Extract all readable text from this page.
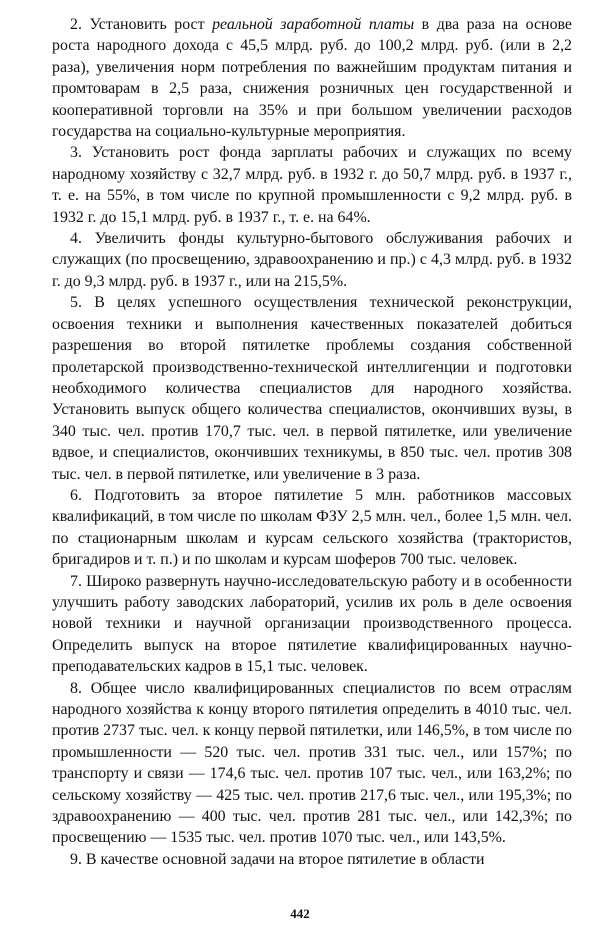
2. Установить рост реальной заработной платы в два раза на основе роста народного дохода с 45,5 млрд. руб. до 100,2 млрд. руб. (или в 2,2 раза), увеличения норм потребления по важнейшим продуктам питания и промтоварам в 2,5 раза, снижения розничных цен государственной и кооперативной торговли на 35% и при большом увеличении расходов государства на социально-культурные мероприятия.

3. Установить рост фонда зарплаты рабочих и служащих по всему народному хозяйству с 32,7 млрд. руб. в 1932 г. до 50,7 млрд. руб. в 1937 г., т. е. на 55%, в том числе по крупной промышленности с 9,2 млрд. руб. в 1932 г. до 15,1 млрд. руб. в 1937 г., т. е. на 64%.

4. Увеличить фонды культурно-бытового обслуживания рабочих и служащих (по просвещению, здравоохранению и пр.) с 4,3 млрд. руб. в 1932 г. до 9,3 млрд. руб. в 1937 г., или на 215,5%.

5. В целях успешного осуществления технической реконструкции, освоения техники и выполнения качественных показателей добиться разрешения во второй пятилетке проблемы создания собственной пролетарской производственно-технической интеллигенции и подготовки необходимого количества специалистов для народного хозяйства. Установить выпуск общего количества специалистов, окончивших вузы, в 340 тыс. чел. против 170,7 тыс. чел. в первой пятилетке, или увеличение вдвое, и специалистов, окончивших техникумы, в 850 тыс. чел. против 308 тыс. чел. в первой пятилетке, или увеличение в 3 раза.

6. Подготовить за второе пятилетие 5 млн. работников массовых квалификаций, в том числе по школам ФЗУ 2,5 млн. чел., более 1,5 млн. чел. по стационарным школам и курсам сельского хозяйства (трактористов, бригадиров и т. п.) и по школам и курсам шоферов 700 тыс. человек.

7. Широко развернуть научно-исследовательскую работу и в особенности улучшить работу заводских лабораторий, усилив их роль в деле освоения новой техники и научной организации производственного процесса. Определить выпуск на второе пятилетие квалифицированных научно-преподавательских кадров в 15,1 тыс. человек.

8. Общее число квалифицированных специалистов по всем отраслям народного хозяйства к концу второго пятилетия определить в 4010 тыс. чел. против 2737 тыс. чел. к концу первой пятилетки, или 146,5%, в том числе по промышленности — 520 тыс. чел. против 331 тыс. чел., или 157%; по транспорту и связи — 174,6 тыс. чел. против 107 тыс. чел., или 163,2%; по сельскому хозяйству — 425 тыс. чел. против 217,6 тыс. чел., или 195,3%; по здравоохранению — 400 тыс. чел. против 281 тыс. чел., или 142,3%; по просвещению — 1535 тыс. чел. против 1070 тыс. чел., или 143,5%.

9. В качестве основной задачи на второе пятилетие в области

442
